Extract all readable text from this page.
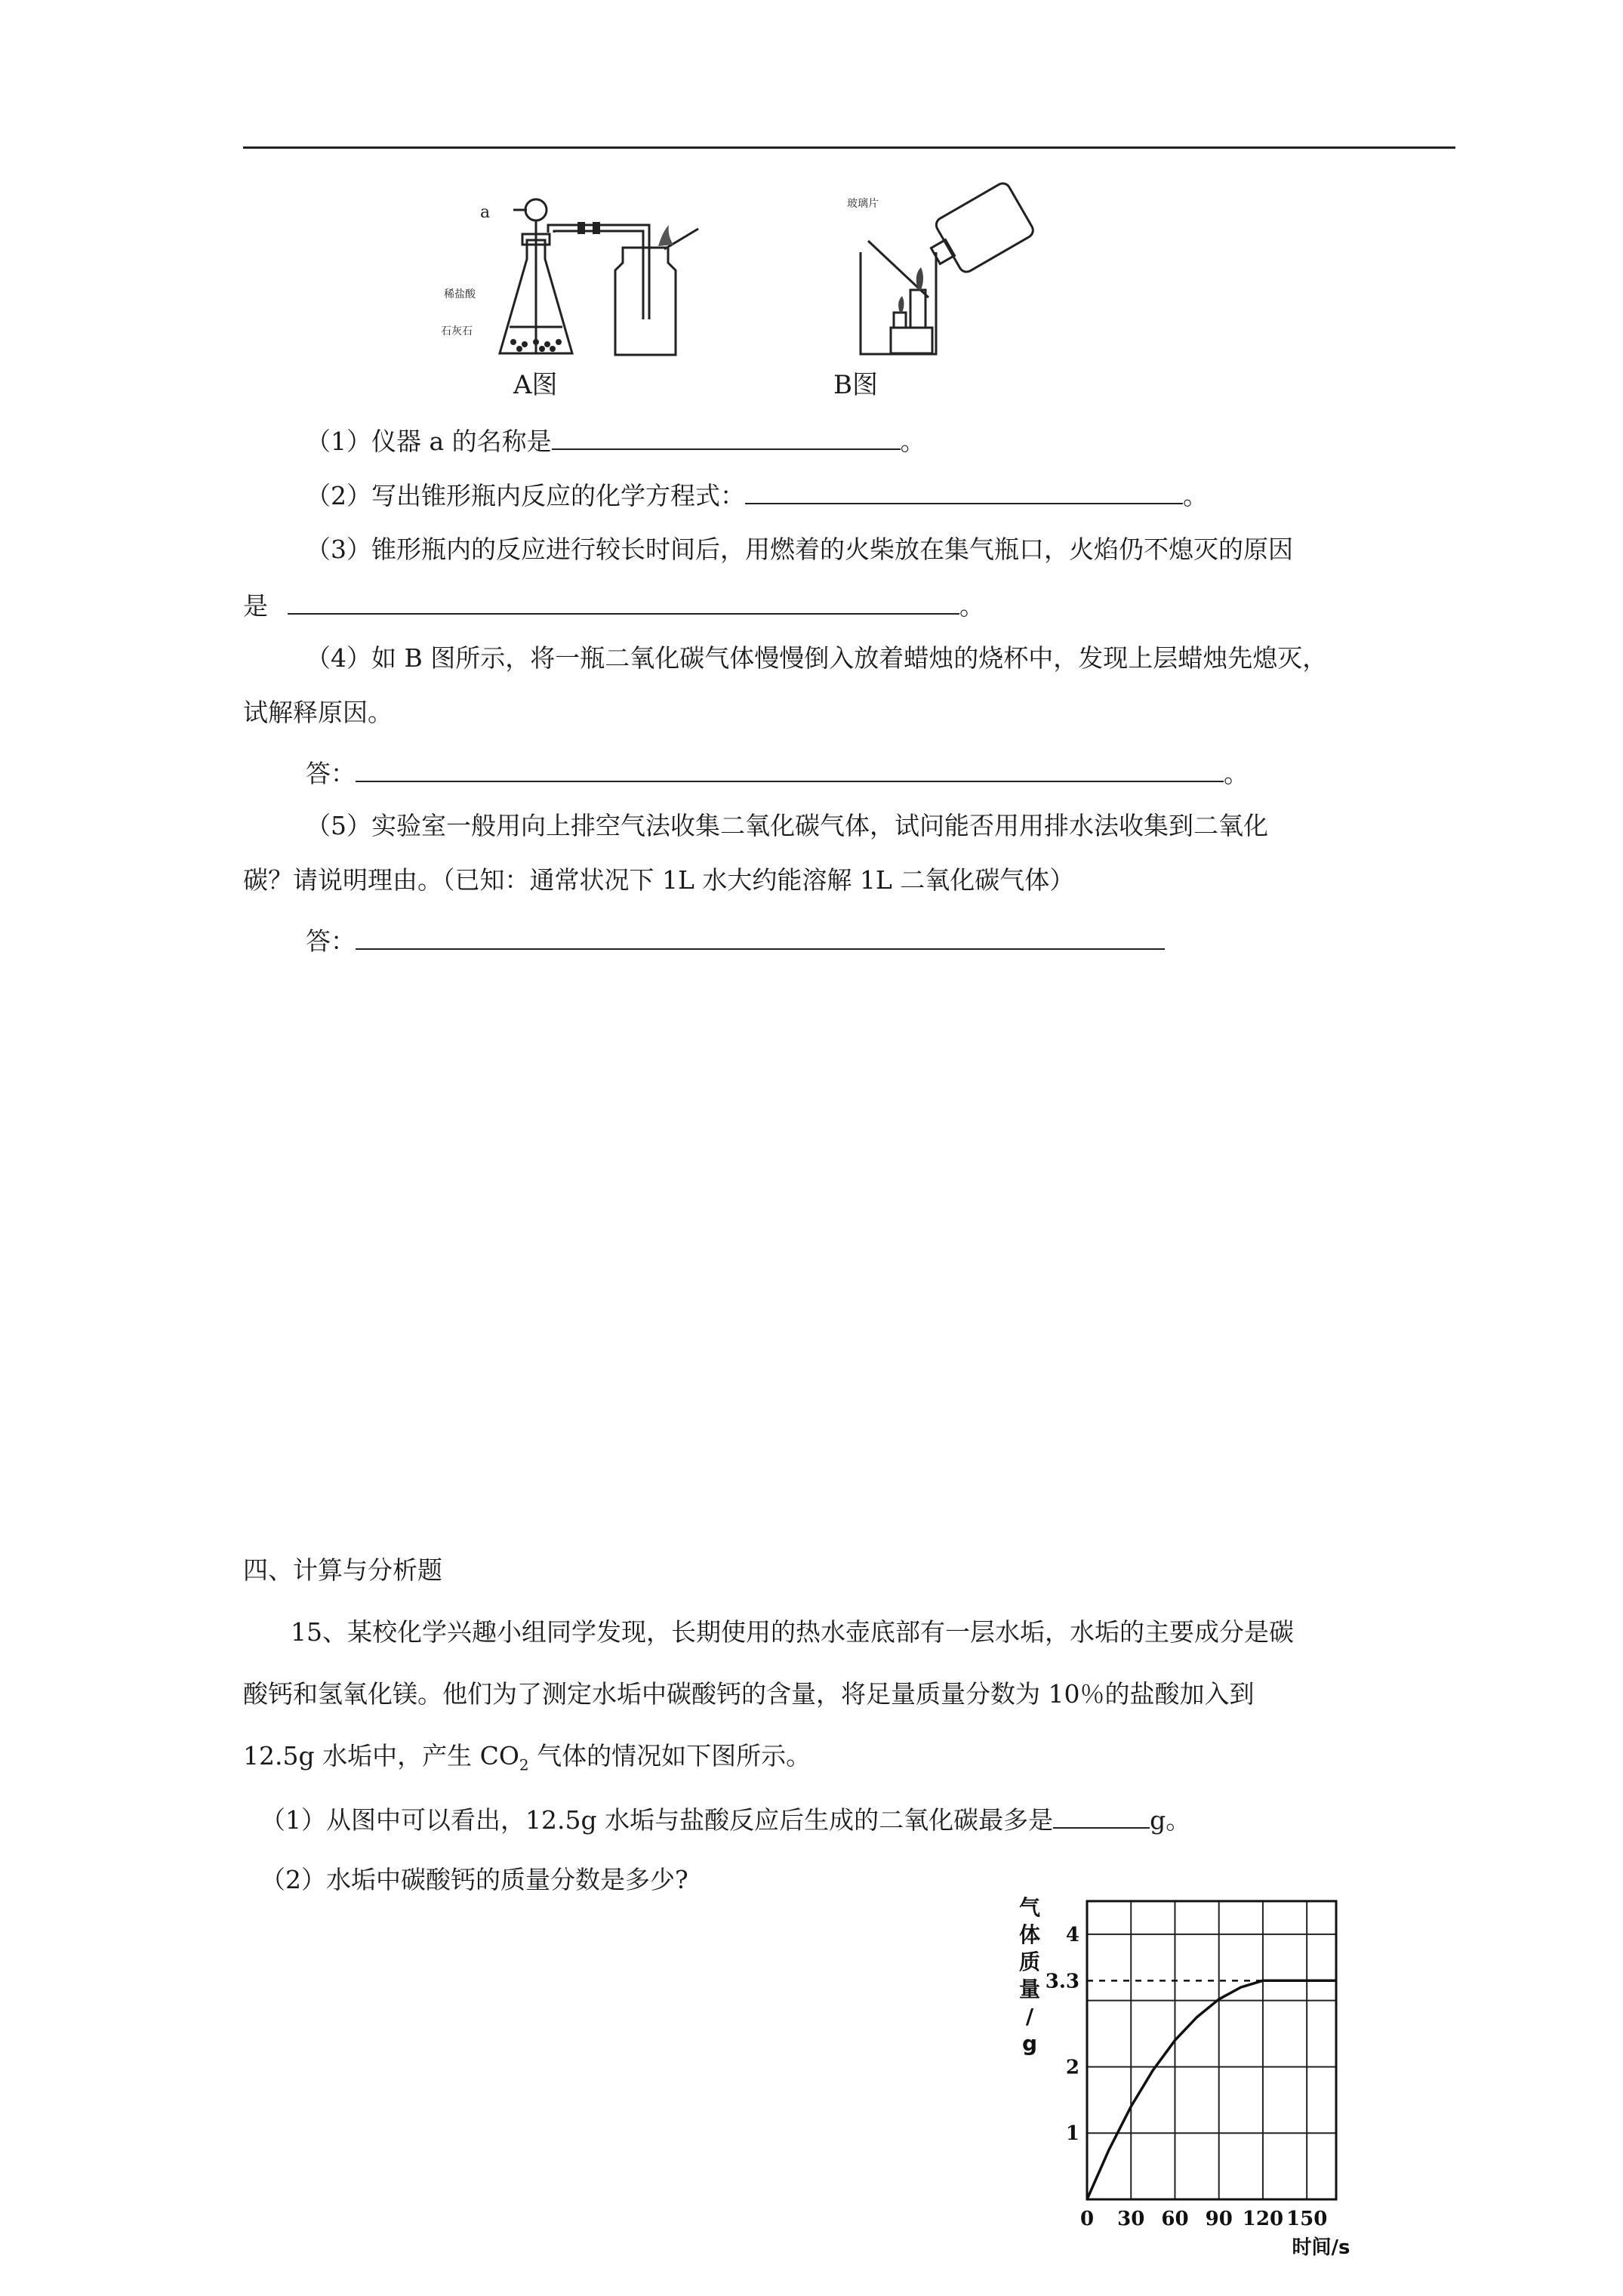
a
稀盐酸
石灰石
A图
玻璃片
B图
（1）仪器 a 的名称是	。
（2）写出锥形瓶内反应的化学方程式：	。
（3）锥形瓶内的反应进行较长时间后，用燃着的火柴放在集气瓶口，火焰仍不熄灭的原因
是	。
（4）如 B 图所示，将一瓶二氧化碳气体慢慢倒入放着蜡烛的烧杯中，发现上层蜡烛先熄灭，
试解释原因。
答：	。
（5）实验室一般用向上排空气法收集二氧化碳气体，试问能否用用排水法收集到二氧化
碳？请说明理由。（已知：通常状况下 1L 水大约能溶解 1L 二氧化碳气体）
答：
四、计算与分析题
15、某校化学兴趣小组同学发现，长期使用的热水壶底部有一层水垢，水垢的主要成分是碳
酸钙和氢氧化镁。他们为了测定水垢中碳酸钙的含量，将足量质量分数为 10％的盐酸加入到
12.5g 水垢中，产生 $CO_2$ 气体的情况如下图所示。
（1）从图中可以看出，12.5g 水垢与盐酸反应后生成的二氧化碳最多是	g。
（2）水垢中碳酸钙的质量分数是多少?
0 30 60 90 120 150
1
2
3.3
4
气
体
质
量
/
g
时间/s
